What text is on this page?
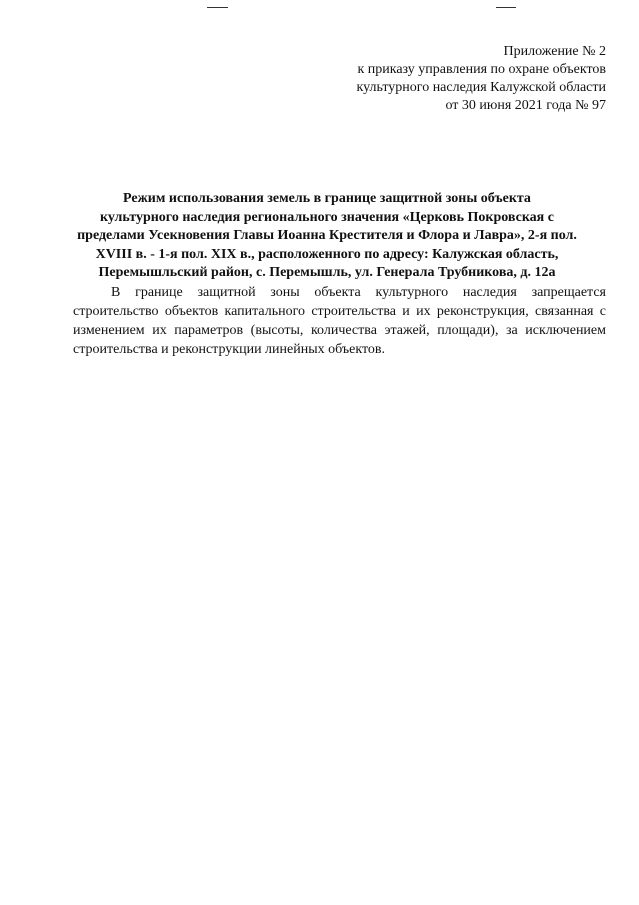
Приложение № 2
к приказу управления по охране объектов
культурного наследия Калужской области
от 30 июня 2021 года № 97
Режим использования земель в границе защитной зоны объекта
культурного наследия регионального значения «Церковь Покровская с
пределами Усекновения Главы Иоанна Крестителя и Флора и Лавра», 2-я пол.
XVIII в. - 1-я пол. XIX в., расположенного по адресу: Калужская область,
Перемышльский район, с. Перемышль, ул. Генерала Трубникова, д. 12а

В границе защитной зоны объекта культурного наследия запрещается строительство объектов капитального строительства и их реконструкция, связанная с изменением их параметров (высоты, количества этажей, площади), за исключением строительства и реконструкции линейных объектов.
